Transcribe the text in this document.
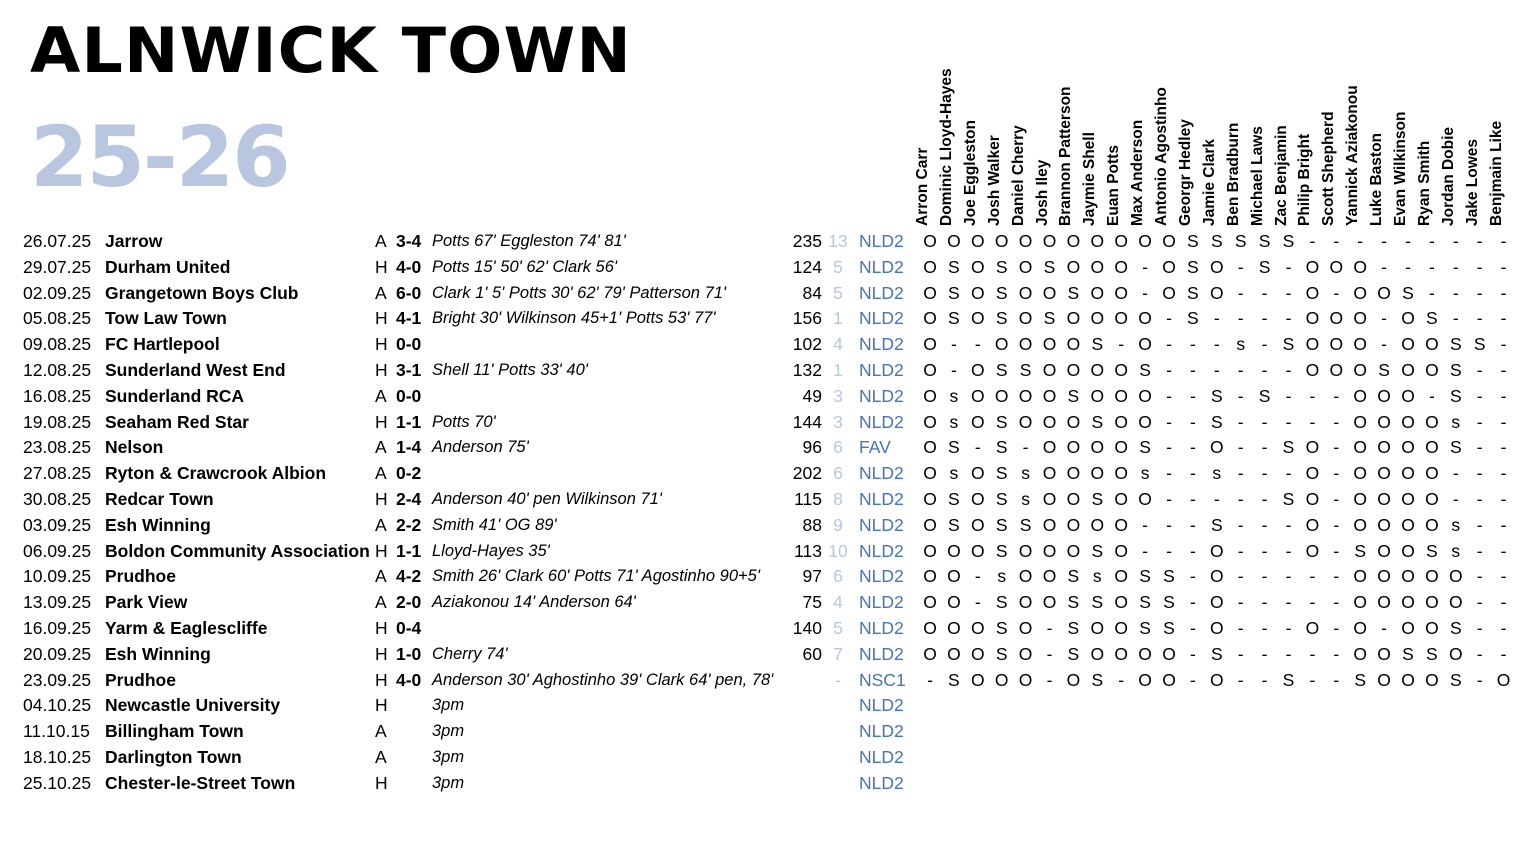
ALNWICK TOWN
25-26	Arron Carr Dominic Lloyd-Hayes Joe Eggleston Josh Walker Daniel Cherry Josh Iley Brannon Patterson Jaymie Shell Euan Potts Max Anderson Antonio Agostinho Georgr Hedley Jamie Clark Ben Bradburn Michael Laws Zac Benjamin Philip Bright Scott Shepherd Yannick Aziakonou Luke Baston Evan Wilkinson Ryan Smith Jordan Dobie Jake Lowes Benjmain Like
26.07.25 Jarrow	A 3-4 Potts 67' Eggleston 74' 81'	235 13 NLD2 O O O O O O O O O O O S S S S S -	-	-	-	-	-	-	-	-
29.07.25 Durham United	H 4-0 Potts 15' 50' 62' Clark 56'	124 5 NLD2 O S O S O S O O O - O S O - S - O O O -	-	-	-	-	-
02.09.25 Grangetown Boys Club	A 6-0 Clark 1' 5' Potts 30' 62' 79' Patterson 71'	84 5 NLD2 O S O S O O S O O - O S O -	-	- O - O O S -	-	-	-
05.08.25 Tow Law Town	H 4-1 Bright 30' Wilkinson 45+1' Potts 53' 77'	156 1 NLD2 O S O S O S O O O O - S -	-	-	- O O O - O S -	-	-
09.08.25 FC Hartlepool	H 0-0	102 4 NLD2 O -	- O O O O S - O -	-	- s - S O O O - O O S S -
12.08.25 Sunderland West End	H 3-1 Shell 11' Potts 33' 40'	132 1 NLD2 O - O S S O O O O S -	-	-	-	-	- O O O S O O S -	-
16.08.25 Sunderland RCA	A 0-0	49 3 NLD2 O s O O O O S O O O -	- S - S -	-	- O O O - S -	-
19.08.25 Seaham Red Star	H 1-1 Potts 70'	144 3 NLD2 O s O S O O O S O O -	- S -	-	-	-	- O O O O s -	-
23.08.25 Nelson	A 1-4 Anderson 75'	96 6 FAV O S - S - O O O O S -	- O -	- S O - O O O O S -	-
27.08.25 Ryton & Crawcrook Albion	A 0-2	202 6 NLD2 O s O S s O O O O s -	- s -	-	- O - O O O O -	-	-
30.08.25 Redcar Town	H 2-4 Anderson 40' pen Wilkinson 71'	115 8 NLD2 O S O S s O O S O O -	-	-	-	- S O - O O O O -	-	-
03.09.25 Esh Winning	A 2-2 Smith 41' OG 89'	88 9 NLD2 O S O S S O O O O -	-	- S -	-	- O - O O O O s -	-
06.09.25 Boldon Community Association H 1-1 Lloyd-Hayes 35'	113 10 NLD2 O O O S O O O S O -	-	- O -	-	- O - S O O S s -	-
10.09.25 Prudhoe	A 4-2 Smith 26' Clark 60' Potts 71' Agostinho 90+5'	97 6 NLD2 O O - s O O S s O S S - O -	-	-	-	- O O O O O -	-
13.09.25 Park View	A 2-0 Aziakonou 14' Anderson 64'	75 4 NLD2 O O - S O O S S O S S - O -	-	-	-	- O O O O O -	-
16.09.25 Yarm & Eaglescliffe	H 0-4	140 5 NLD2 O O O S O - S O O S S - O -	-	- O - O - O O S -	-
20.09.25 Esh Winning	H 1-0 Cherry 74'	60 7 NLD2 O O O S O - S O O O O - S -	-	-	-	- O O S S O -	-
23.09.25 Prudhoe	H 4-0 Anderson 30' Aghostinho 39' Clark 64' pen, 78'	-	NSC1	- S O O O - O S - O O - O -	- S -	- S O O O S - O
04.10.25 Newcastle University	H	3pm	NLD2
11.10.15 Billingham Town	A	3pm	NLD2
18.10.25 Darlington Town	A	3pm	NLD2
25.10.25 Chester-le-Street Town	H	3pm	NLD2
